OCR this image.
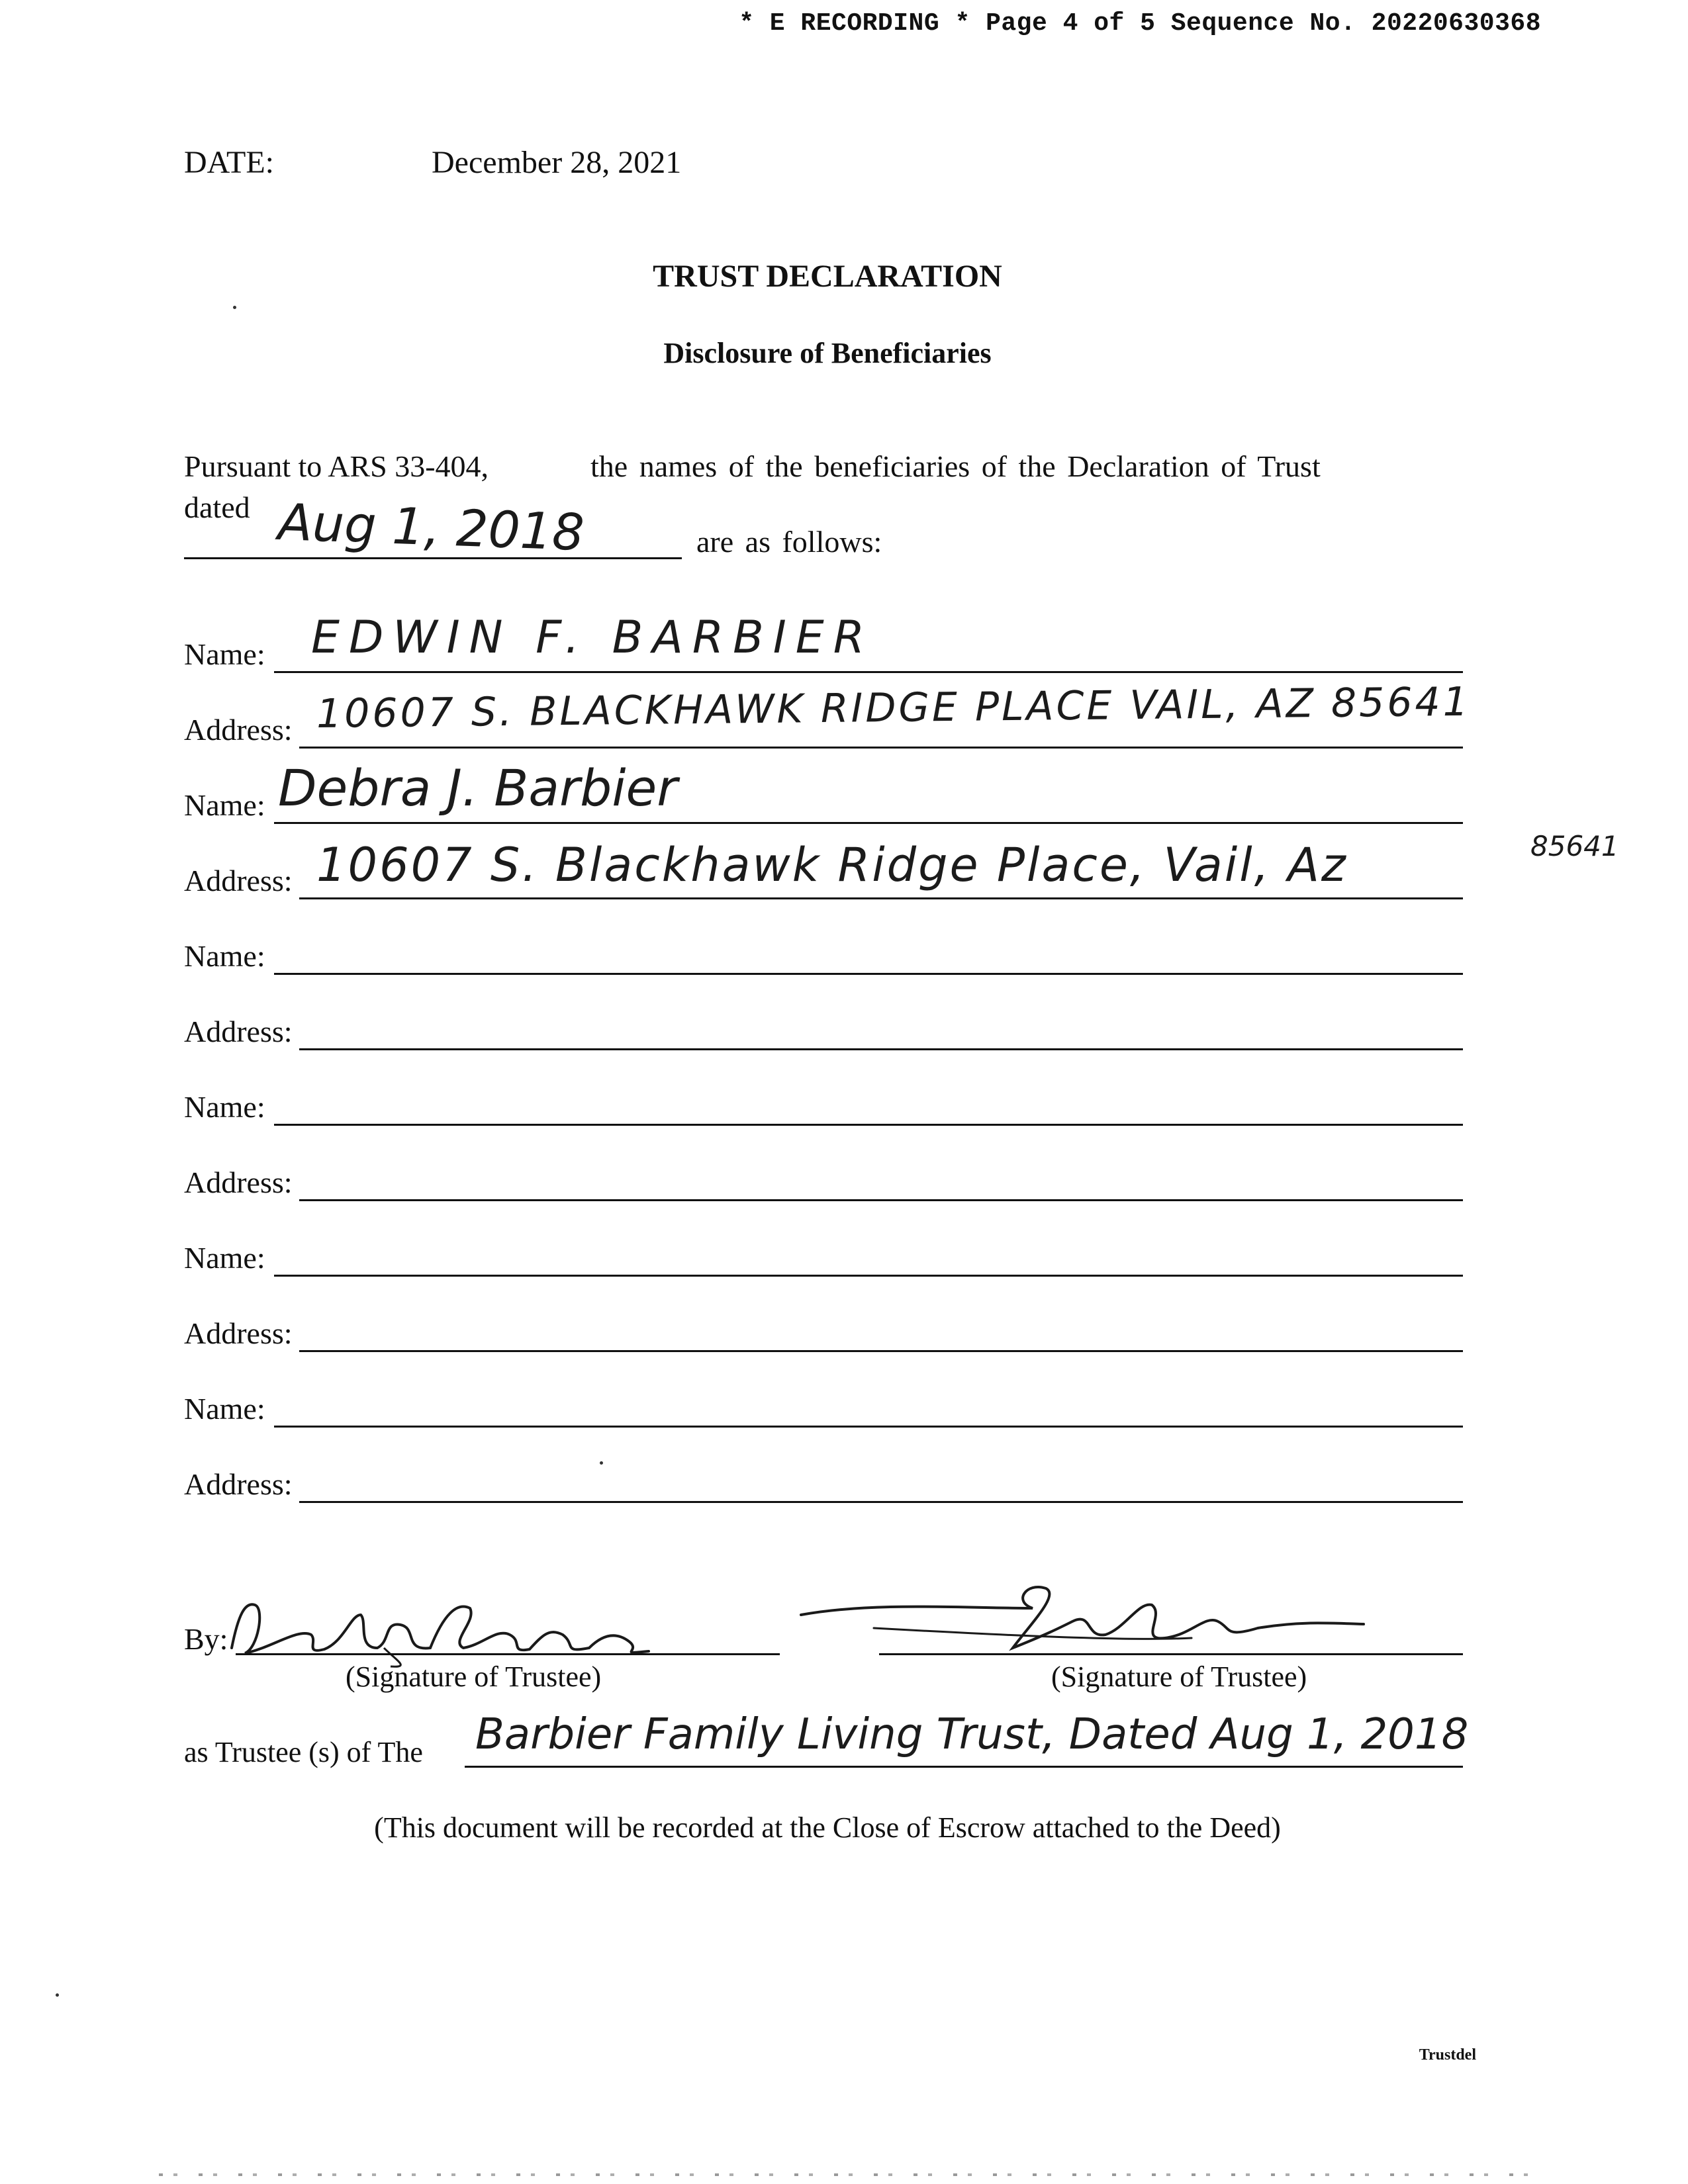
* E RECORDING * Page 4 of 5 Sequence No. 20220630368
DATE:	December 28, 2021
TRUST DECLARATION
Disclosure of Beneficiaries
Pursuant to ARS 33-404,	the names of the beneficiaries of the Declaration of Trust
dated Aug 1, 2018	are as follows:
Name: EDWIN F. BARBIER
Address: 10607 S. BLACKHAWK RIDGE PLACE VAIL, AZ 85641
Name: Debra J. Barbier
Address: 10607 S. Blackhawk Ridge Place, Vail, Az	85641
Name:
Address:
Name:
Address:
Name:
Address:
Name:
Address:
By:
(Signature of Trustee)	(Signature of Trustee)
as Trustee (s) of The Barbier Family Living Trust, Dated Aug 1, 2018
(This document will be recorded at the Close of Escrow attached to the Deed)
Trustdel
